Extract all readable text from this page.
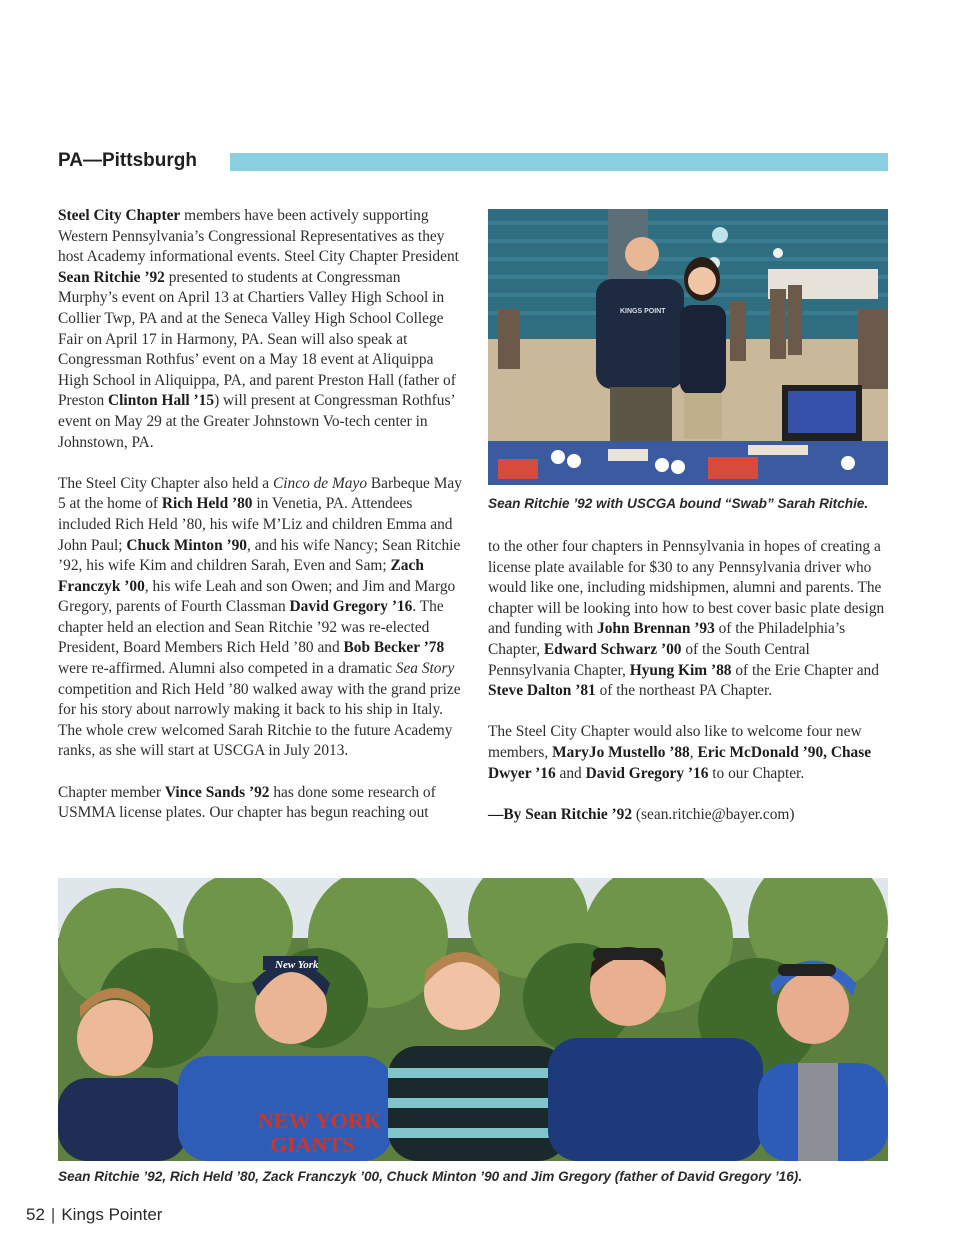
PA—Pittsburgh

Steel City Chapter members have been actively supporting Western Pennsylvania’s Congressional Representatives as they host Academy informational events. Steel City Chapter President Sean Ritchie ’92 presented to students at Congressman Murphy’s event on April 13 at Chartiers Valley High School in Collier Twp, PA and at the Seneca Valley High School College Fair on April 17 in Harmony, PA. Sean will also speak at Congressman Rothfus’ event on a May 18 event at Aliquippa High School in Aliquippa, PA, and parent Preston Hall (father of Preston Clinton Hall ’15) will present at Congressman Rothfus’ event on May 29 at the Greater Johnstown Vo-tech center in Johnstown, PA.

The Steel City Chapter also held a Cinco de Mayo Barbeque May 5 at the home of Rich Held ’80 in Venetia, PA. Attendees included Rich Held ’80, his wife M’Liz and children Emma and John Paul; Chuck Minton ’90, and his wife Nancy; Sean Ritchie ’92, his wife Kim and children Sarah, Even and Sam; Zach Franczyk ’00, his wife Leah and son Owen; and Jim and Margo Gregory, parents of Fourth Classman David Gregory ’16. The chapter held an election and Sean Ritchie ’92 was re-elected President, Board Members Rich Held ’80 and Bob Becker ’78 were re-affirmed. Alumni also competed in a dramatic Sea Story competition and Rich Held ’80 walked away with the grand prize for his story about narrowly making it back to his ship in Italy. The whole crew welcomed Sarah Ritchie to the future Academy ranks, as she will start at USCGA in July 2013.

Chapter member Vince Sands ’92 has done some research of USMMA license plates. Our chapter has begun reaching out

KINGS POINT

Sean Ritchie ’92 with USCGA bound “Swab” Sarah Ritchie.

to the other four chapters in Pennsylvania in hopes of creating a license plate available for $30 to any Pennsylvania driver who would like one, including midshipmen, alumni and parents. The chapter will be looking into how to best cover basic plate design and funding with John Brennan ’93 of the Philadelphia’s Chapter, Edward Schwarz ’00 of the South Central Pennsylvania Chapter, Hyung Kim ’88 of the Erie Chapter and Steve Dalton ’81 of the northeast PA Chapter.

The Steel City Chapter would also like to welcome four new members, MaryJo Mustello ’88, Eric McDonald ’90, Chase Dwyer ’16 and David Gregory ’16 to our Chapter.

—By Sean Ritchie ’92 (sean.ritchie@bayer.com)

New York
NEW YORK
GIANTS

Sean Ritchie ’92, Rich Held ’80, Zack Franczyk ’00, Chuck Minton ’90 and Jim Gregory (father of David Gregory ’16).

52 | Kings Pointer
